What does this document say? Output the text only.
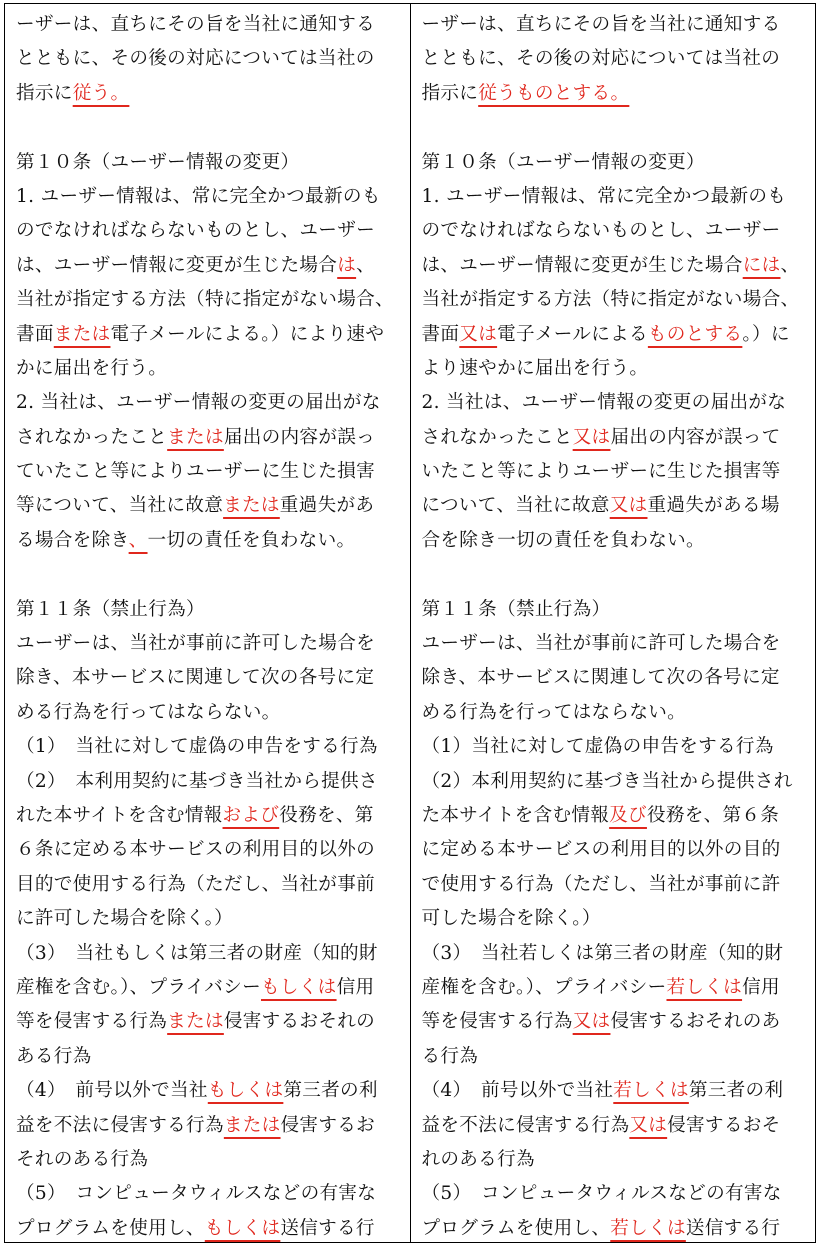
ーザーは、直ちにその旨を当社に通知する
とともに、その後の対応については当社の
指示に従う。
第１０条（ユーザー情報の変更）
1. ユーザー情報は、常に完全かつ最新のも
のでなければならないものとし、ユーザー
は、ユーザー情報に変更が生じた場合は、
当社が指定する方法（特に指定がない場合、
書面または電子メールによる。）により速や
かに届出を行う。
2. 当社は、ユーザー情報の変更の届出がな
されなかったことまたは届出の内容が誤っ
ていたこと等によりユーザーに生じた損害
等について、当社に故意または重過失があ
る場合を除き、一切の責任を負わない。
第１１条（禁止行為）
ユーザーは、当社が事前に許可した場合を
除き、本サービスに関連して次の各号に定
める行為を行ってはならない。
（1）　当社に対して虚偽の申告をする行為
（2）　本利用契約に基づき当社から提供さ
れた本サイトを含む情報および役務を、第
６条に定める本サービスの利用目的以外の
目的で使用する行為（ただし、当社が事前
に許可した場合を除く。）
（3）　当社もしくは第三者の財産（知的財
産権を含む。）、プライバシーもしくは信用
等を侵害する行為または侵害するおそれの
ある行為
（4）　前号以外で当社もしくは第三者の利
益を不法に侵害する行為または侵害するお
それのある行為
（5）　コンピュータウィルスなどの有害な
プログラムを使用し、もしくは送信する行
ーザーは、直ちにその旨を当社に通知する
とともに、その後の対応については当社の
指示に従うものとする。
第１０条（ユーザー情報の変更）
1. ユーザー情報は、常に完全かつ最新のも
のでなければならないものとし、ユーザー
は、ユーザー情報に変更が生じた場合には、
当社が指定する方法（特に指定がない場合、
書面又は電子メールによるものとする。）に
より速やかに届出を行う。
2. 当社は、ユーザー情報の変更の届出がな
されなかったこと又は届出の内容が誤って
いたこと等によりユーザーに生じた損害等
について、当社に故意又は重過失がある場
合を除き一切の責任を負わない。
第１１条（禁止行為）
ユーザーは、当社が事前に許可した場合を
除き、本サービスに関連して次の各号に定
める行為を行ってはならない。
（1）当社に対して虚偽の申告をする行為
（2）本利用契約に基づき当社から提供され
た本サイトを含む情報及び役務を、第６条
に定める本サービスの利用目的以外の目的
で使用する行為（ただし、当社が事前に許
可した場合を除く。）
（3）　当社若しくは第三者の財産（知的財
産権を含む。）、プライバシー若しくは信用
等を侵害する行為又は侵害するおそれのあ
る行為
（4）　前号以外で当社若しくは第三者の利
益を不法に侵害する行為又は侵害するおそ
れのある行為
（5）　コンピュータウィルスなどの有害な
プログラムを使用し、若しくは送信する行
